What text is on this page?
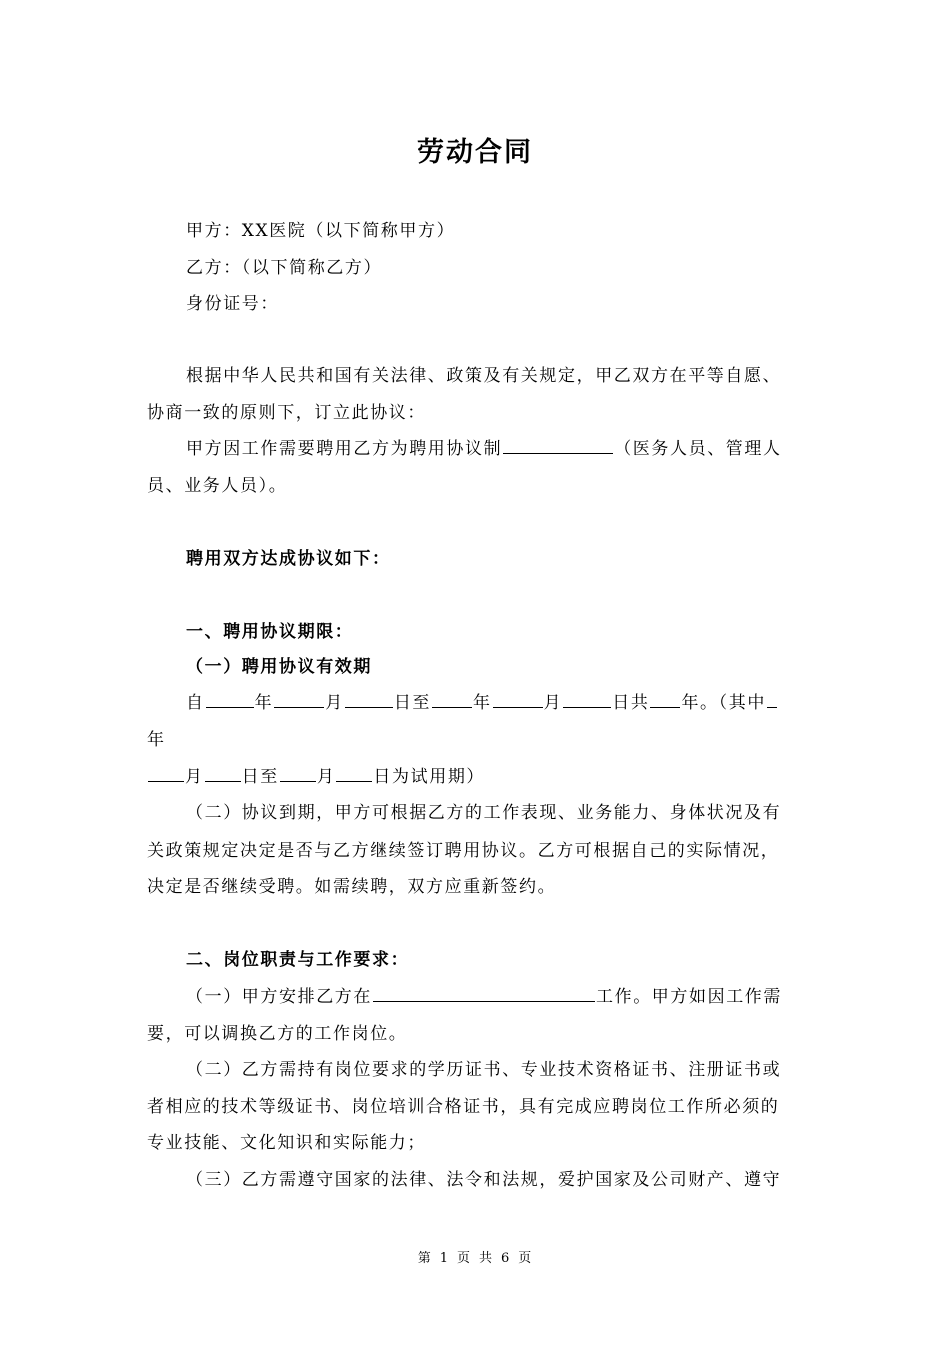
劳动合同
甲方：XX医院（以下简称甲方）
乙方：（以下简称乙方）
身份证号：
根据中华人民共和国有关法律、政策及有关规定，甲乙双方在平等自愿、
协商一致的原则下，订立此协议：
甲方因工作需要聘用乙方为聘用协议制	（医务人员、管理人
员、业务人员）。
聘用双方达成协议如下：
一、聘用协议期限：
（一）聘用协议有效期
自	年	月	日至 年	月	日共 年。（其中
年
月 日至 月 日为试用期）
（二）协议到期，甲方可根据乙方的工作表现、业务能力、身体状况及有
关政策规定决定是否与乙方继续签订聘用协议。乙方可根据自己的实际情况，
决定是否继续受聘。如需续聘，双方应重新签约。
二、岗位职责与工作要求：
（一）甲方安排乙方在	工作。甲方如因工作需
要，可以调换乙方的工作岗位。
（二）乙方需持有岗位要求的学历证书、专业技术资格证书、注册证书或
者相应的技术等级证书、岗位培训合格证书，具有完成应聘岗位工作所必须的
专业技能、文化知识和实际能力；
（三）乙方需遵守国家的法律、法令和法规，爱护国家及公司财产、遵守
第 1 页 共 6 页
